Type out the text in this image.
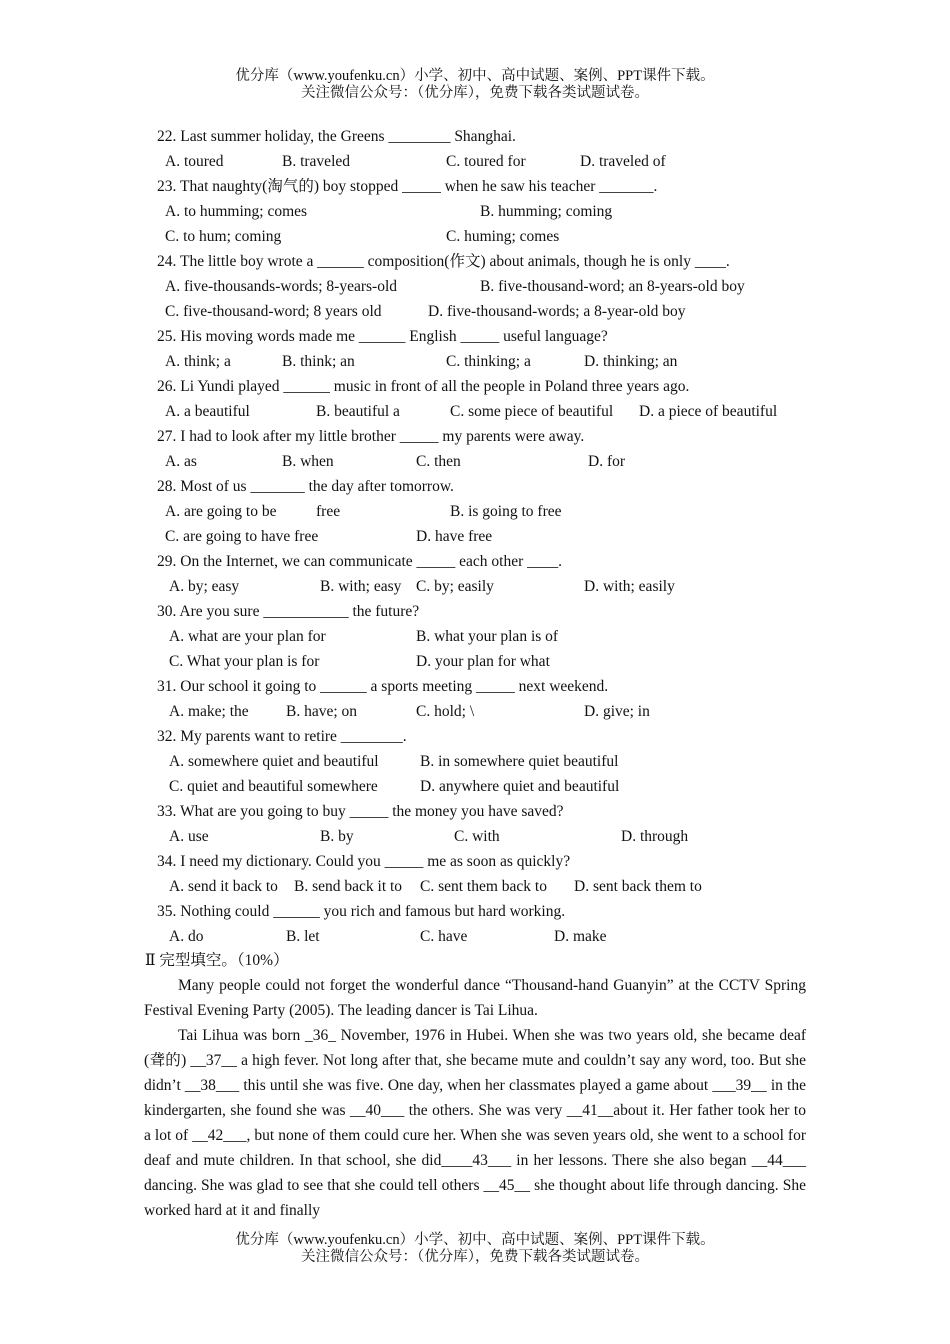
优分库（www.youfenku.cn）小学、初中、高中试题、案例、PPT课件下载。
关注微信公众号：（优分库），免费下载各类试题试卷。
22. Last summer holiday, the Greens ________ Shanghai.
A. toured	B. traveled	C. toured for	D. traveled of
23. That naughty(淘气的) boy stopped _____ when he saw his teacher _______.
A. to humming; comes	B. humming; coming
C. to hum; coming	C. huming; comes
24. The little boy wrote a ______ composition(作文) about animals, though he is only ____.
A. five-thousands-words; 8-years-old	B. five-thousand-word; an 8-years-old boy
C. five-thousand-word; 8 years old	D. five-thousand-words; a 8-year-old boy
25. His moving words made me ______ English _____ useful language?
A. think; a	B. think; an	C. thinking; a	D. thinking; an
26. Li Yundi played ______ music in front of all the people in Poland three years ago.
A. a beautiful	B. beautiful a	C. some piece of beautiful D. a piece of beautiful
27. I had to look after my little brother _____ my parents were away.
A. as	B. when	C. then	D. for
28. Most of us _______ the day after tomorrow.
A. are going to be	free	B. is going to free
C. are going to have free	D. have free
29. On the Internet, we can communicate _____ each other ____.
A. by; easy	B. with; easy C. by; easily	D. with; easily
30. Are you sure ___________ the future?
A. what are your plan for	B. what your plan is of
C. What your plan is for	D. your plan for what
31. Our school it going to ______ a sports meeting _____ next weekend.
A. make; the B. have; on	C. hold; \	D. give; in
32. My parents want to retire ________.
A. somewhere quiet and beautiful	B. in somewhere quiet beautiful
C. quiet and beautiful somewhere	D. anywhere quiet and beautiful
33. What are you going to buy _____ the money you have saved?
A. use	B. by	C. with	D. through
34. I need my dictionary. Could you _____ me as soon as quickly?
A. send it back to B. send back it to C. sent them back to D. sent back them to
35. Nothing could ______ you rich and famous but hard working.
A. do	B. let	C. have	D. make
Ⅱ 完型填空。（10%）
Many people could not forget the wonderful dance “Thousand-hand Guanyin” at the CCTV Spring Festival Evening Party (2005). The leading dancer is Tai Lihua.
Tai Lihua was born _36_ November, 1976 in Hubei. When she was two years old, she became deaf (聋的) __37__ a high fever. Not long after that, she became mute and couldn’t say any word, too. But she didn’t __38___ this until she was five. One day, when her classmates played a game about ___39__ in the kindergarten, she found she was __40___ the others. She was very __41__about it. Her father took her to a lot of __42___, but none of them could cure her. When she was seven years old, she went to a school for deaf and mute children. In that school, she did____43___ in her lessons. There she also began __44___ dancing. She was glad to see that she could tell others __45__ she thought about life through dancing. She worked hard at it and finally
优分库（www.youfenku.cn）小学、初中、高中试题、案例、PPT课件下载。
关注微信公众号：（优分库），免费下载各类试题试卷。
